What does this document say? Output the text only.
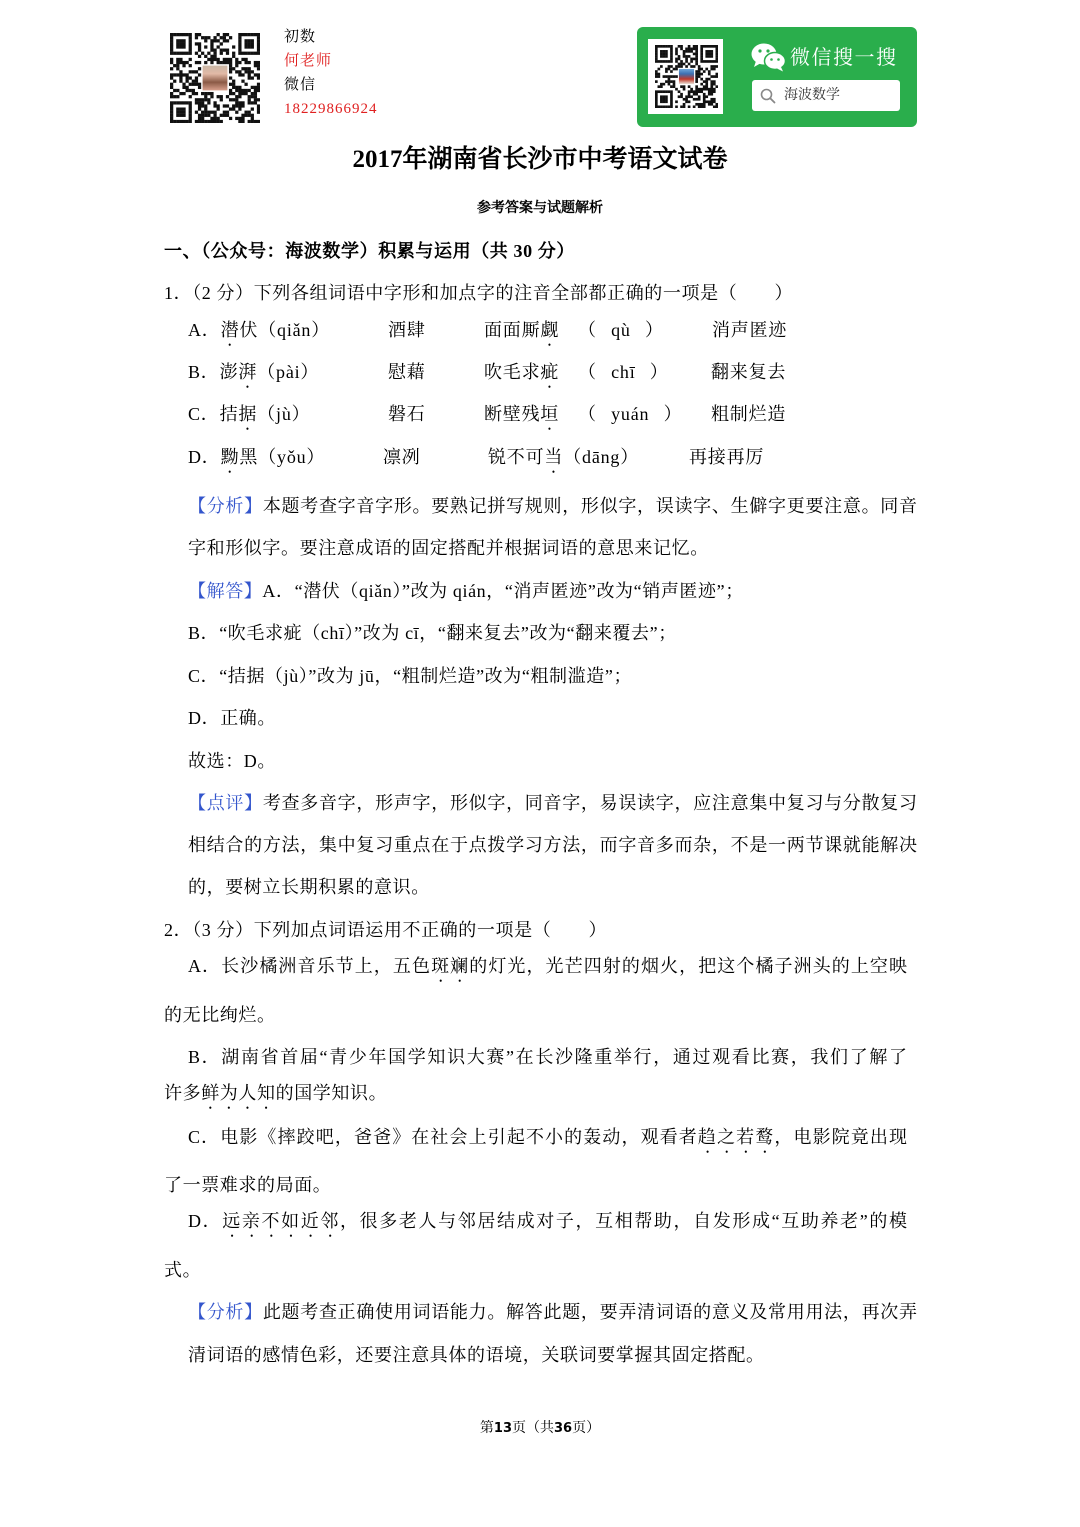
初数
何老师
微信
18229866924
微信搜一搜
海波数学
2017年湖南省长沙市中考语文试卷
参考答案与试题解析
一、（公众号：海波数学）积累与运用（共 30 分）
1．（2 分）下列各组词语中字形和加点字的注音全部都正确的一项是（　　）
A．潜伏（qiǎn）	酒肆	面面厮觑 （ qù ）	消声匿迹
B．澎湃（pài）	慰藉	吹毛求疵 （ chī ） 翻来复去
C．拮据（jù）	磐石	断壁残垣 （ yuán ） 粗制烂造
D．黝黑（yǒu）	凛冽	锐不可当（dāng）	再接再厉
【分析】本题考查字音字形。要熟记拼写规则，形似字，误读字、生僻字更要注意。同音
字和形似字。要注意成语的固定搭配并根据词语的意思来记忆。
【解答】A．“潜伏（qiǎn）”改为 qián，“消声匿迹”改为“销声匿迹”；
B．“吹毛求疵（chī）”改为 cī，“翻来复去”改为“翻来覆去”；
C．“拮据（jù）”改为 jū，“粗制烂造”改为“粗制滥造”；
D．正确。
故选：D。
【点评】考查多音字，形声字，形似字，同音字，易误读字，应注意集中复习与分散复习
相结合的方法，集中复习重点在于点拨学习方法，而字音多而杂，不是一两节课就能解决
的，要树立长期积累的意识。
2．（3 分）下列加点词语运用不正确的一项是（　　）
A．长沙橘洲音乐节上，五色斑斓的灯光，光芒四射的烟火，把这个橘子洲头的上空映
的无比绚烂。
B．湖南省首届“青少年国学知识大赛”在长沙隆重举行，通过观看比赛，我们了解了
许多鲜为人知的国学知识。
C．电影《摔跤吧，爸爸》在社会上引起不小的轰动，观看者趋之若鹜，电影院竟出现
了一票难求的局面。
D．远亲不如近邻，很多老人与邻居结成对子，互相帮助，自发形成“互助养老”的模
式。
【分析】此题考查正确使用词语能力。解答此题，要弄清词语的意义及常用用法，再次弄
清词语的感情色彩，还要注意具体的语境，关联词要掌握其固定搭配。
第13页（共36页）
